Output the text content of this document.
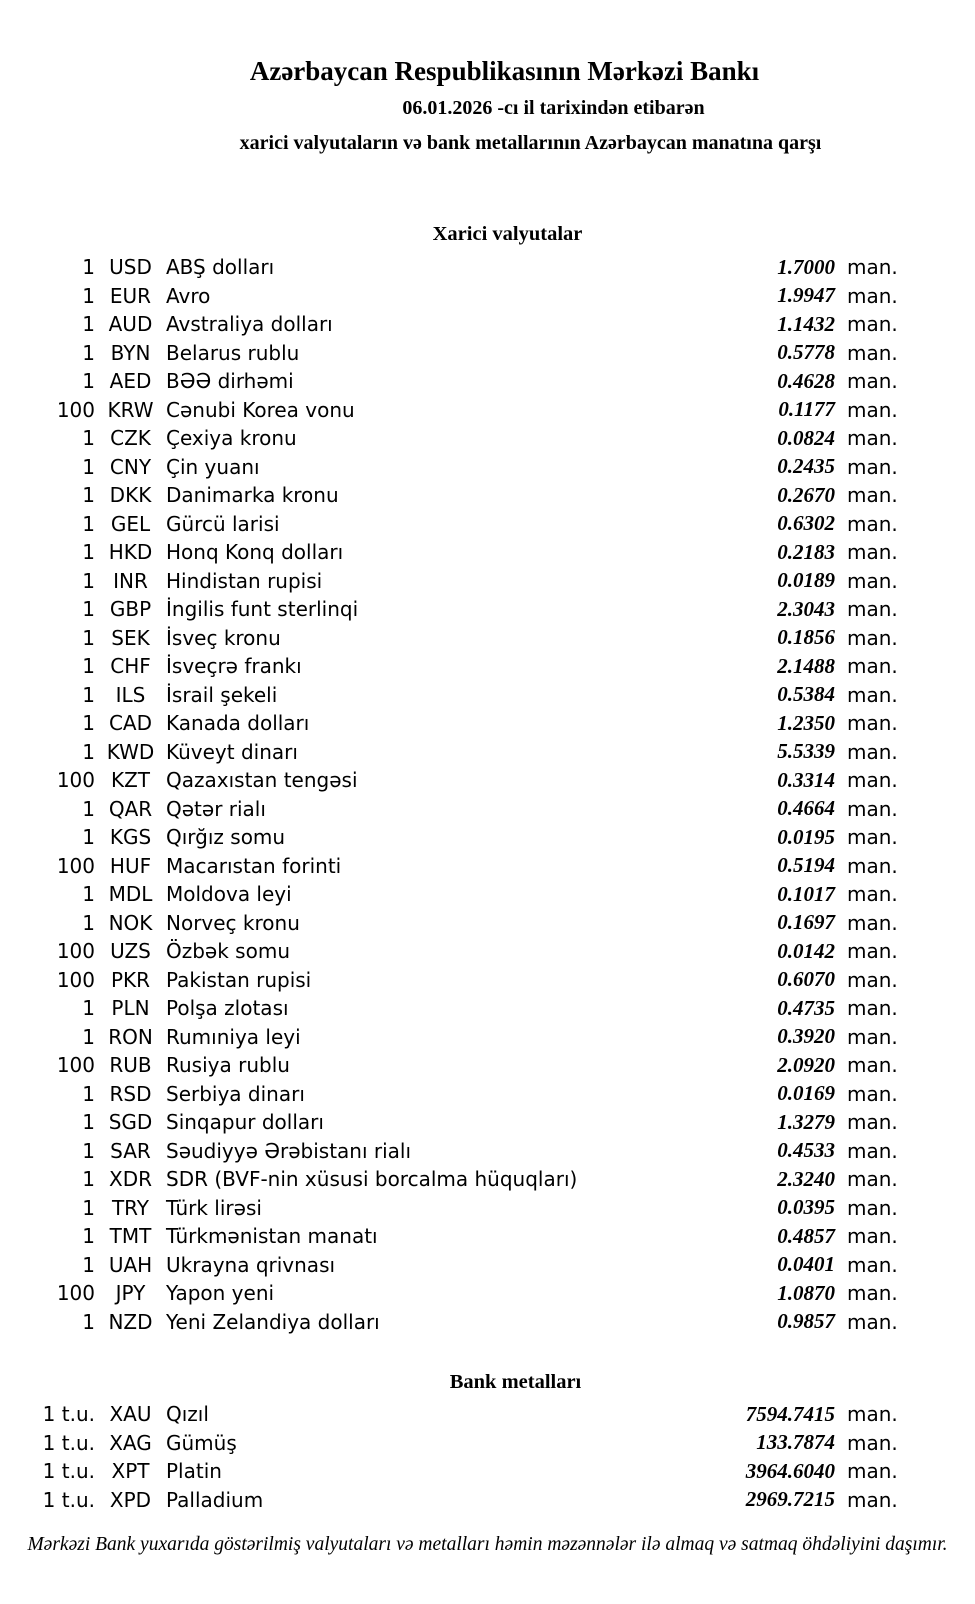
Azərbaycan Respublikasının Mərkəzi Bankı
06.01.2026 -cı il tarixindən etibarən
xarici valyutaların və bank metallarının Azərbaycan manatına qarşı
Xarici valyutalar
1 USD ABŞ dolları	1.7000 man.
1 EUR Avro	1.9947 man.
1 AUD Avstraliya dolları	1.1432 man.
1 BYN Belarus rublu	0.5778 man.
1 AED BƏƏ dirhəmi	0.4628 man.
100 KRW Cənubi Korea vonu	0.1177 man.
1 CZK Çexiya kronu	0.0824 man.
1 CNY Çin yuanı	0.2435 man.
1 DKK Danimarka kronu	0.2670 man.
1 GEL Gürcü larisi	0.6302 man.
1 HKD Honq Konq dolları	0.2183 man.
1 INR Hindistan rupisi	0.0189 man.
1 GBP İngilis funt sterlinqi	2.3043 man.
1 SEK İsveç kronu	0.1856 man.
1 CHF İsveçrə frankı	2.1488 man.
1	ILS	İsrail şekeli	0.5384 man.
1 CAD Kanada dolları	1.2350 man.
1 KWD Küveyt dinarı	5.5339 man.
100 KZT Qazaxıstan tengəsi	0.3314 man.
1 QAR Qətər rialı	0.4664 man.
1 KGS Qırğız somu	0.0195 man.
100 HUF Macarıstan forinti	0.5194 man.
1 MDL Moldova leyi	0.1017 man.
1 NOK Norveç kronu	0.1697 man.
100 UZS Özbək somu	0.0142 man.
100 PKR Pakistan rupisi	0.6070 man.
1 PLN Polşa zlotası	0.4735 man.
1 RON Rumıniya leyi	0.3920 man.
100 RUB Rusiya rublu	2.0920 man.
1 RSD Serbiya dinarı	0.0169 man.
1 SGD Sinqapur dolları	1.3279 man.
1 SAR Səudiyyə Ərəbistanı rialı	0.4533 man.
1 XDR SDR (BVF-nin xüsusi borcalma hüquqları)	2.3240 man.
1 TRY Türk lirəsi	0.0395 man.
1 TMT Türkmənistan manatı	0.4857 man.
1 UAH Ukrayna qrivnası	0.0401 man.
100	JPY	Yapon yeni	1.0870 man.
1 NZD Yeni Zelandiya dolları	0.9857 man.
Bank metalları
1 t.u. XAU Qızıl	7594.7415 man.
1 t.u. XAG Gümüş	133.7874 man.
1 t.u. XPT Platin	3964.6040 man.
1 t.u. XPD Palladium	2969.7215 man.
Mərkəzi Bank yuxarıda göstərilmiş valyutaları və metalları həmin məzənnələr ilə almaq və satmaq öhdəliyini daşımır.
